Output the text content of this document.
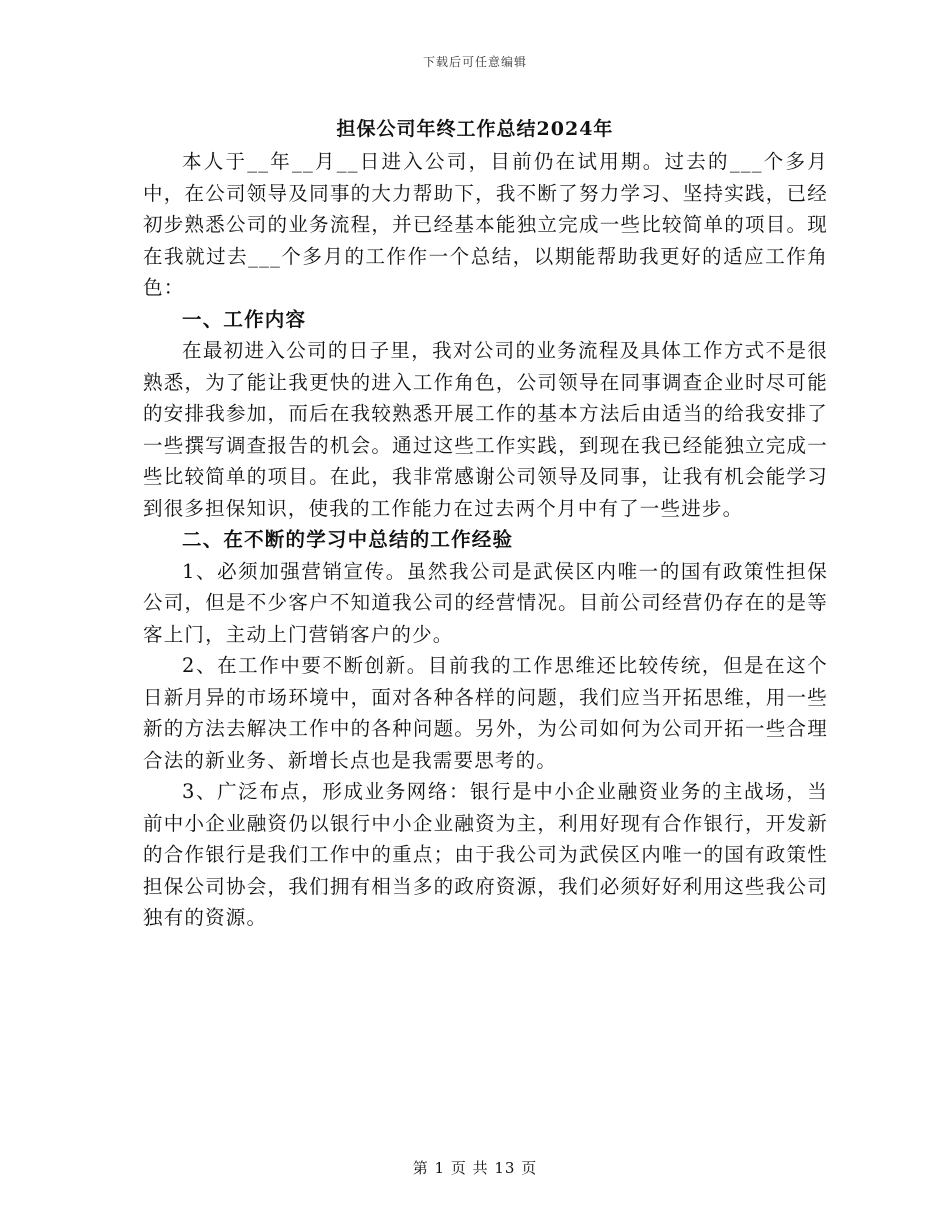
下载后可任意编辑
担保公司年终工作总结2024年

本人于__年__月__日进入公司，目前仍在试用期。过去的___个多月中，在公司领导及同事的大力帮助下，我不断了努力学习、坚持实践，已经初步熟悉公司的业务流程，并已经基本能独立完成一些比较简单的项目。现在我就过去___个多月的工作作一个总结，以期能帮助我更好的适应工作角色：

一、工作内容

在最初进入公司的日子里，我对公司的业务流程及具体工作方式不是很熟悉，为了能让我更快的进入工作角色，公司领导在同事调查企业时尽可能的安排我参加，而后在我较熟悉开展工作的基本方法后由适当的给我安排了一些撰写调查报告的机会。通过这些工作实践，到现在我已经能独立完成一些比较简单的项目。在此，我非常感谢公司领导及同事，让我有机会能学习到很多担保知识，使我的工作能力在过去两个月中有了一些进步。

二、在不断的学习中总结的工作经验

1、必须加强营销宣传。虽然我公司是武侯区内唯一的国有政策性担保公司，但是不少客户不知道我公司的经营情况。目前公司经营仍存在的是等客上门，主动上门营销客户的少。

2、在工作中要不断创新。目前我的工作思维还比较传统，但是在这个日新月异的市场环境中，面对各种各样的问题，我们应当开拓思维，用一些新的方法去解决工作中的各种问题。另外，为公司如何为公司开拓一些合理合法的新业务、新增长点也是我需要思考的。

3、广泛布点，形成业务网络：银行是中小企业融资业务的主战场，当前中小企业融资仍以银行中小企业融资为主，利用好现有合作银行，开发新的合作银行是我们工作中的重点；由于我公司为武侯区内唯一的国有政策性担保公司协会，我们拥有相当多的政府资源，我们必须好好利用这些我公司独有的资源。

第 1 页 共 13 页
